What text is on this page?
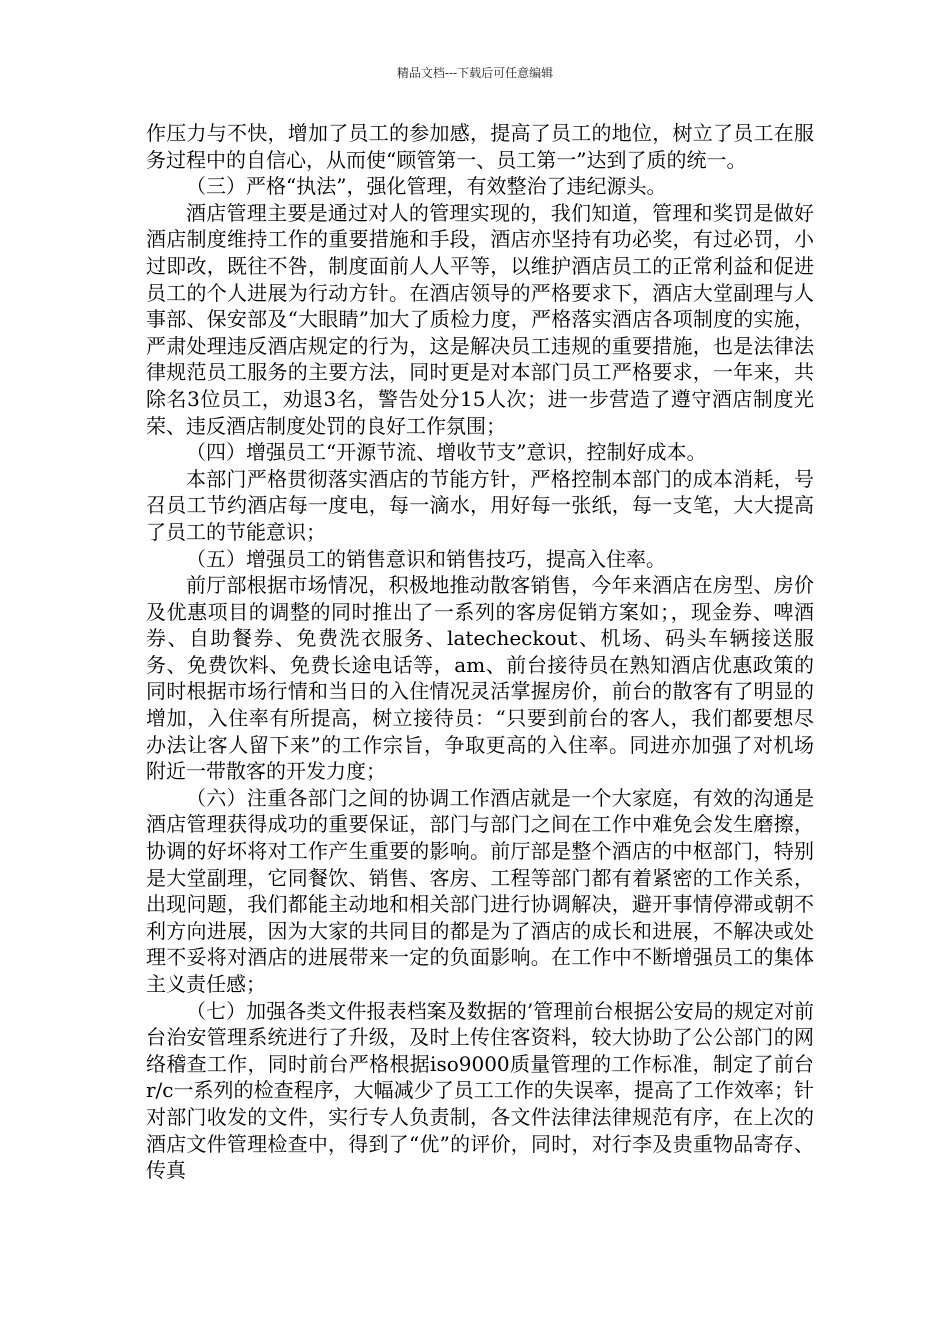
精品文档---下载后可任意编辑

作压力与不快，增加了员工的参加感，提高了员工的地位，树立了员工在服务过程中的自信心，从而使“顾管第一、员工第一”达到了质的统一。

（三）严格“执法”，强化管理，有效整治了违纪源头。

酒店管理主要是通过对人的管理实现的，我们知道，管理和奖罚是做好酒店制度维持工作的重要措施和手段，酒店亦坚持有功必奖，有过必罚，小过即改，既往不咎，制度面前人人平等，以维护酒店员工的正常利益和促进员工的个人进展为行动方针。在酒店领导的严格要求下，酒店大堂副理与人事部、保安部及“大眼睛”加大了质检力度，严格落实酒店各项制度的实施，严肃处理违反酒店规定的行为，这是解决员工违规的重要措施，也是法律法律规范员工服务的主要方法，同时更是对本部门员工严格要求，一年来，共除名3位员工，劝退3名，警告处分15人次；进一步营造了遵守酒店制度光荣、违反酒店制度处罚的良好工作氛围；

（四）增强员工“开源节流、增收节支”意识，控制好成本。

本部门严格贯彻落实酒店的节能方针，严格控制本部门的成本消耗，号召员工节约酒店每一度电，每一滴水，用好每一张纸，每一支笔，大大提高了员工的节能意识；

（五）增强员工的销售意识和销售技巧，提高入住率。

前厅部根据市场情况，积极地推动散客销售，今年来酒店在房型、房价及优惠项目的调整的同时推出了一系列的客房促销方案如；，现金券、啤酒券、自助餐券、免费洗衣服务、latecheckout、机场、码头车辆接送服务、免费饮料、免费长途电话等，am、前台接待员在熟知酒店优惠政策的同时根据市场行情和当日的入住情况灵活掌握房价，前台的散客有了明显的增加，入住率有所提高，树立接待员：“只要到前台的客人，我们都要想尽办法让客人留下来”的工作宗旨，争取更高的入住率。同进亦加强了对机场附近一带散客的开发力度；

（六）注重各部门之间的协调工作酒店就是一个大家庭，有效的沟通是酒店管理获得成功的重要保证，部门与部门之间在工作中难免会发生磨擦，协调的好坏将对工作产生重要的影响。前厅部是整个酒店的中枢部门，特别是大堂副理，它同餐饮、销售、客房、工程等部门都有着紧密的工作关系，出现问题，我们都能主动地和相关部门进行协调解决，避开事情停滞或朝不利方向进展，因为大家的共同目的都是为了酒店的成长和进展，不解决或处理不妥将对酒店的进展带来一定的负面影响。在工作中不断增强员工的集体主义责任感；

（七）加强各类文件报表档案及数据的’管理前台根据公安局的规定对前台治安管理系统进行了升级，及时上传住客资料，较大协助了公公部门的网络稽查工作，同时前台严格根据iso9000质量管理的工作标准，制定了前台r/c一系列的检查程序，大幅减少了员工工作的失误率，提高了工作效率；针对部门收发的文件，实行专人负责制，各文件法律法律规范有序，在上次的酒店文件管理检查中，得到了“优”的评价，同时，对行李及贵重物品寄存、传真
